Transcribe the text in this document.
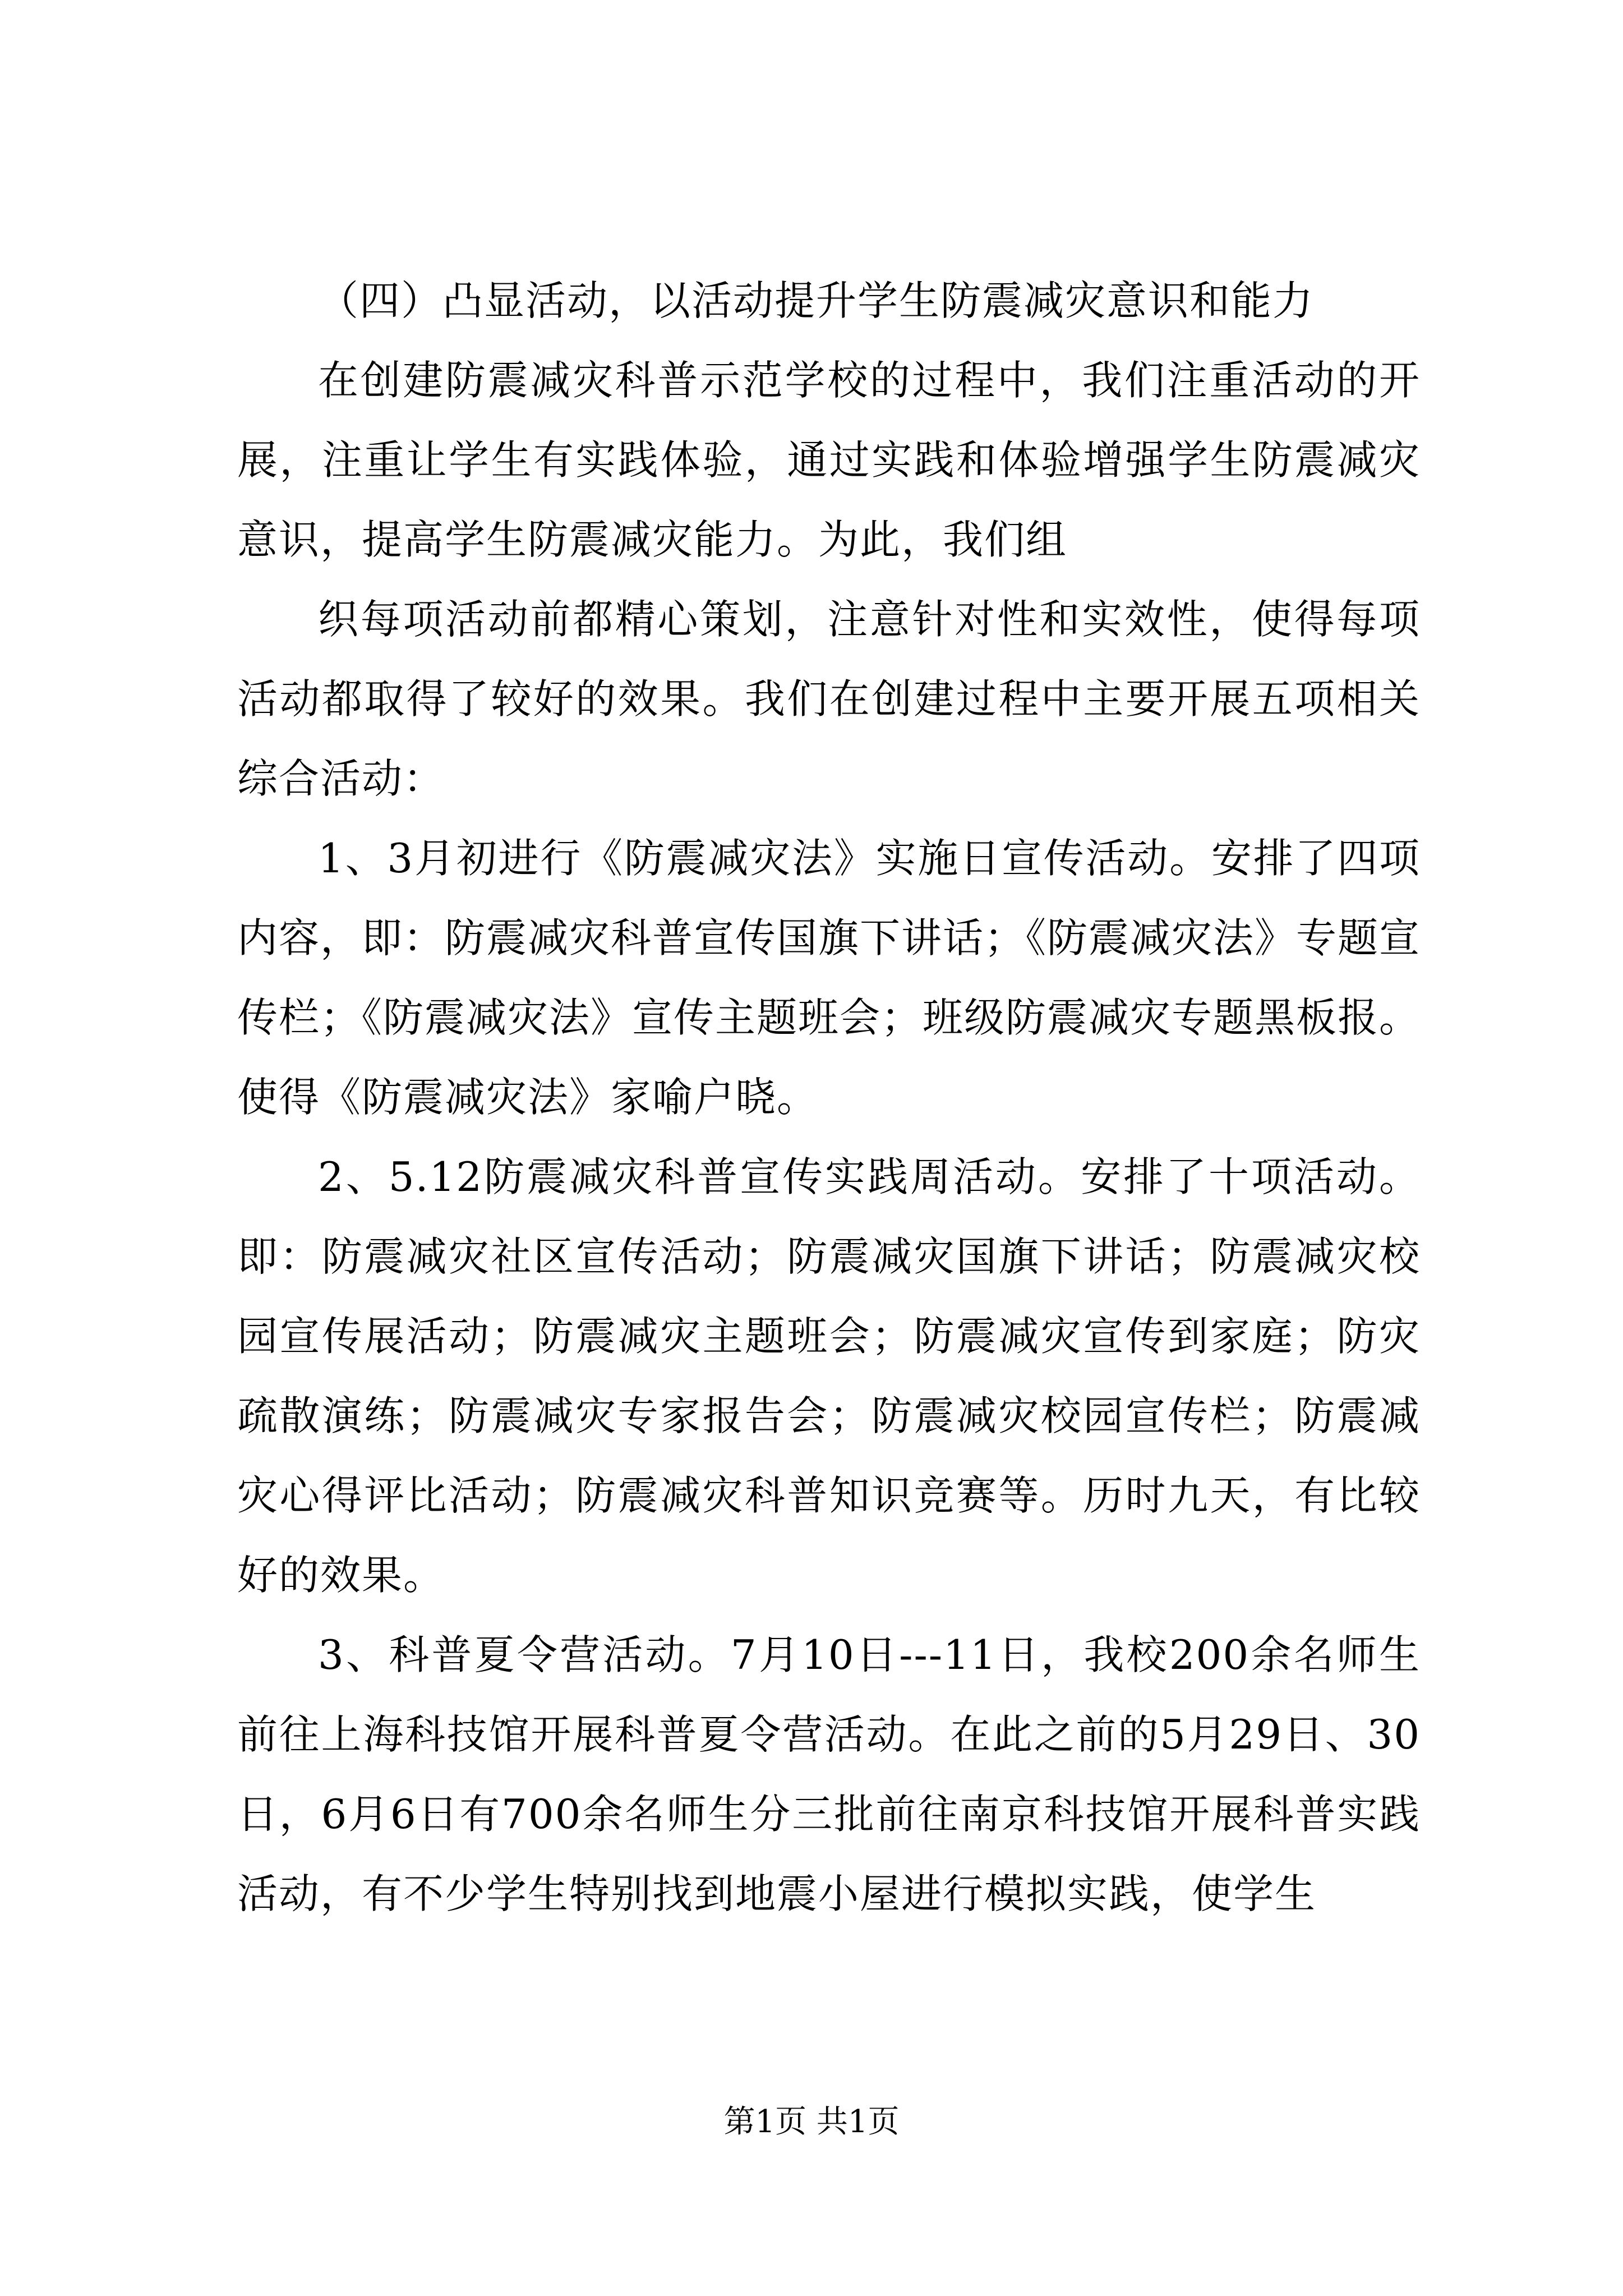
（四）凸显活动，以活动提升学生防震减灾意识和能力

在创建防震减灾科普示范学校的过程中，我们注重活动的开展，注重让学生有实践体验，通过实践和体验增强学生防震减灾意识，提高学生防震减灾能力。为此，我们组

织每项活动前都精心策划，注意针对性和实效性，使得每项活动都取得了较好的效果。我们在创建过程中主要开展五项相关综合活动：

1、3月初进行《防震减灾法》实施日宣传活动。安排了四项内容，即：防震减灾科普宣传国旗下讲话；《防震减灾法》专题宣传栏；《防震减灾法》宣传主题班会；班级防震减灾专题黑板报。使得《防震减灾法》家喻户晓。

2、5.12防震减灾科普宣传实践周活动。安排了十项活动。即：防震减灾社区宣传活动；防震减灾国旗下讲话；防震减灾校园宣传展活动；防震减灾主题班会；防震减灾宣传到家庭；防灾疏散演练；防震减灾专家报告会；防震减灾校园宣传栏；防震减灾心得评比活动；防震减灾科普知识竞赛等。历时九天，有比较好的效果。

3、科普夏令营活动。7月10日---11日，我校200余名师生前往上海科技馆开展科普夏令营活动。在此之前的5月29日、30日，6月6日有700余名师生分三批前往南京科技馆开展科普实践活动，有不少学生特别找到地震小屋进行模拟实践，使学生

第1页 共1页
